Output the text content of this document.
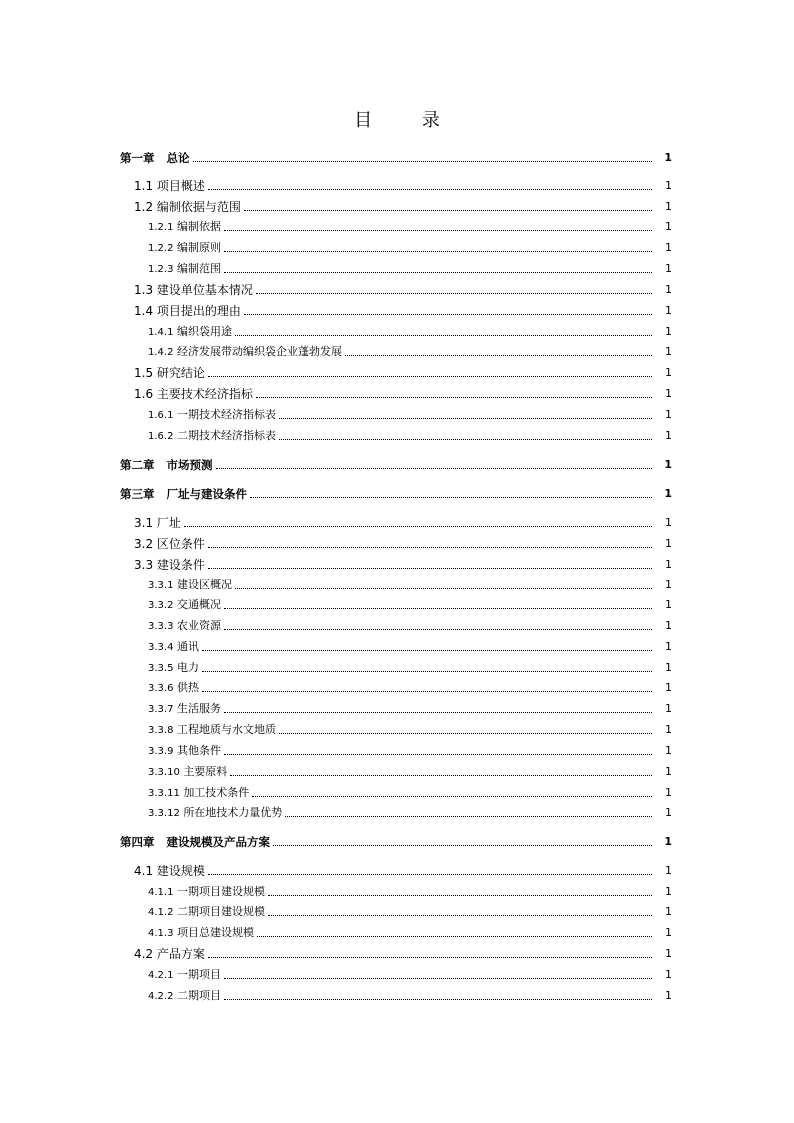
目 录
第一章 总论	1
1.1 项目概述	1
1.2 编制依据与范围	1
1.2.1 编制依据	1
1.2.2 编制原则	1
1.2.3 编制范围	1
1.3 建设单位基本情况	1
1.4 项目提出的理由	1
1.4.1 编织袋用途	1
1.4.2 经济发展带动编织袋企业蓬勃发展	1
1.5 研究结论	1
1.6 主要技术经济指标	1
1.6.1 一期技术经济指标表	1
1.6.2 二期技术经济指标表	1
第二章 市场预测	1
第三章 厂址与建设条件	1
3.1 厂址	1
3.2 区位条件	1
3.3 建设条件	1
3.3.1 建设区概况	1
3.3.2 交通概况	1
3.3.3 农业资源	1
3.3.4 通讯	1
3.3.5 电力	1
3.3.6 供热	1
3.3.7 生活服务	1
3.3.8 工程地质与水文地质	1
3.3.9 其他条件	1
3.3.10 主要原料	1
3.3.11 加工技术条件	1
3.3.12 所在地技术力量优势	1
第四章 建设规模及产品方案	1
4.1 建设规模	1
4.1.1 一期项目建设规模	1
4.1.2 二期项目建设规模	1
4.1.3 项目总建设规模	1
4.2 产品方案	1
4.2.1 一期项目	1
4.2.2 二期项目	1
